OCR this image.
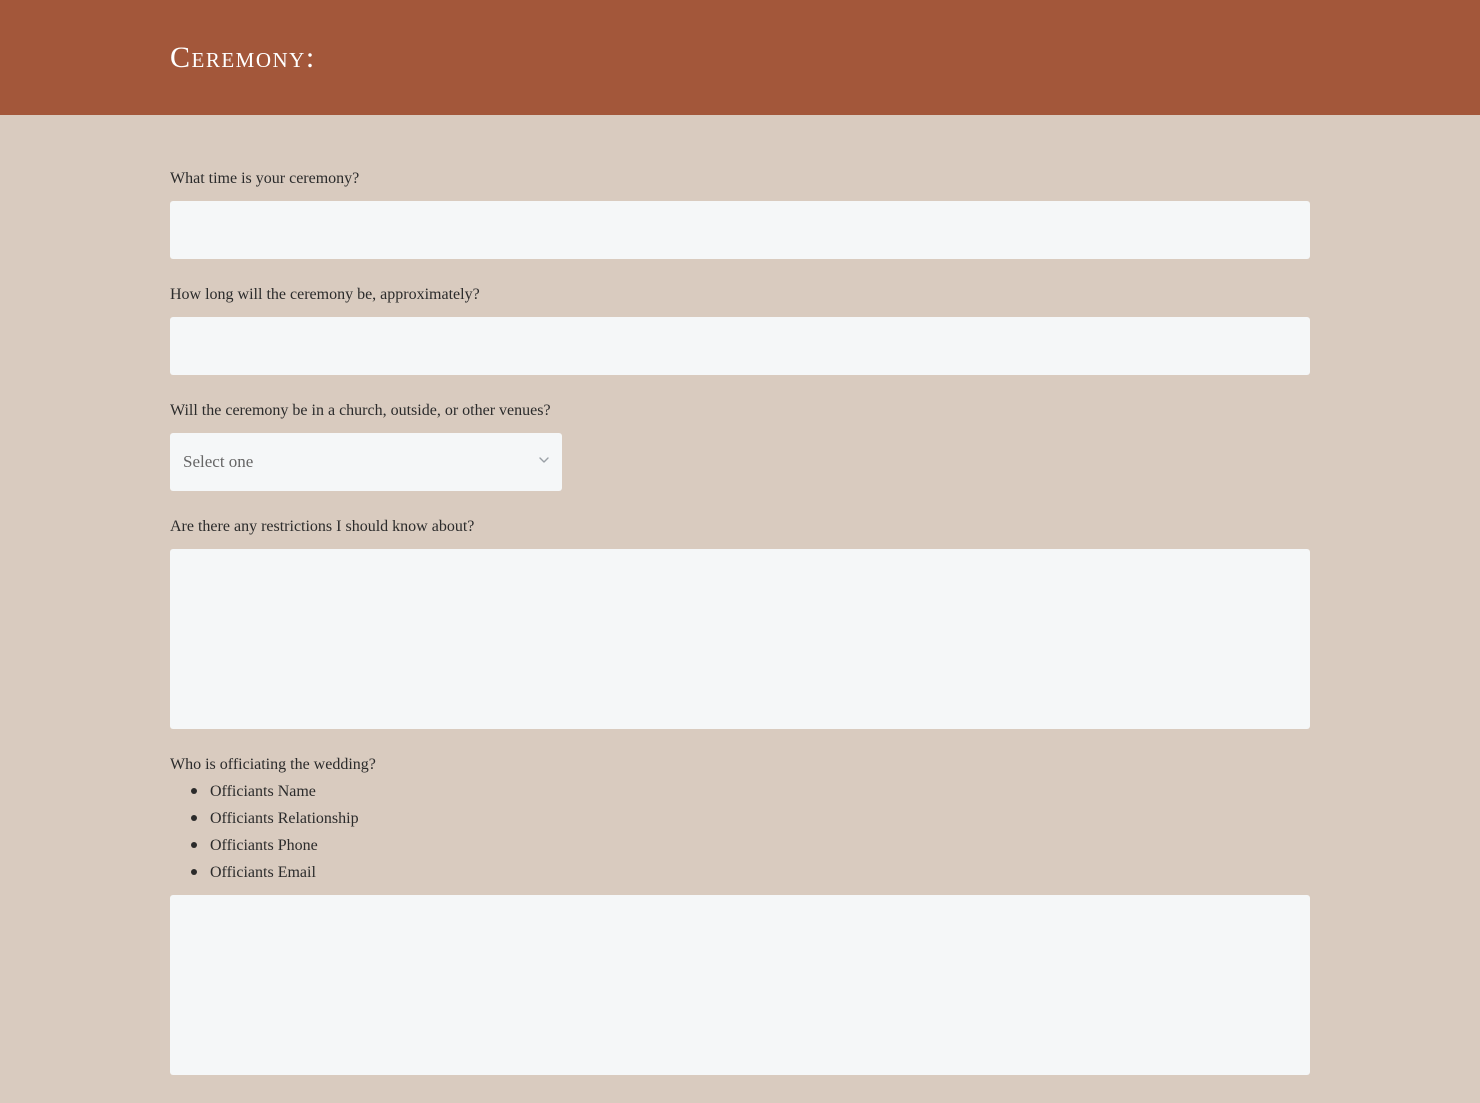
Ceremony:
What time is your ceremony?
How long will the ceremony be, approximately?
Will the ceremony be in a church, outside, or other venues?
Select one
Are there any restrictions I should know about?
Who is officiating the wedding?
Officiants Name
Officiants Relationship
Officiants Phone
Officiants Email
